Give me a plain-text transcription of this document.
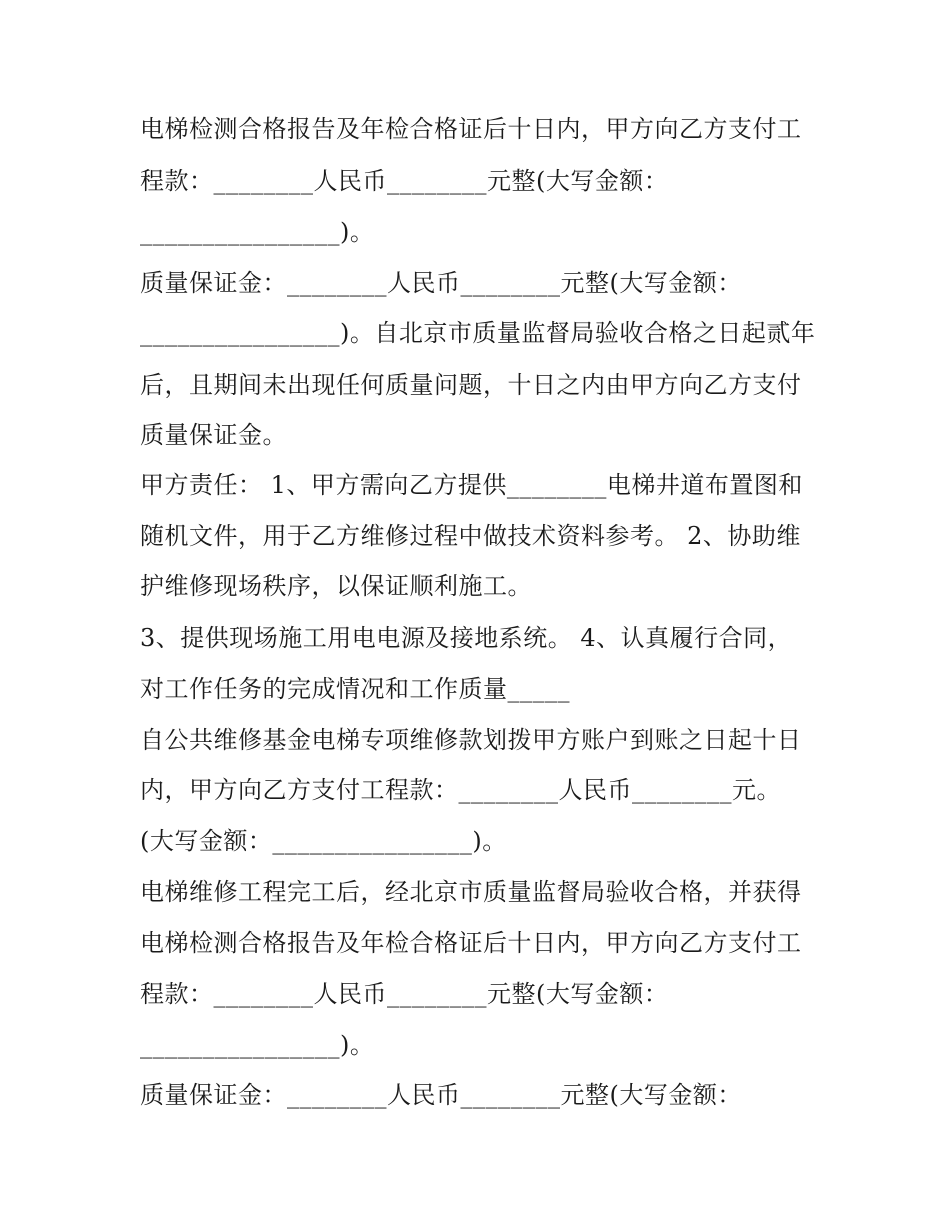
电梯检测合格报告及年检合格证后十日内，甲方向乙方支付工
程款：________人民币________元整(大写金额：
________________)。
质量保证金：________人民币________元整(大写金额：
________________)。自北京市质量监督局验收合格之日起贰年
后，且期间未出现任何质量问题，十日之内由甲方向乙方支付
质量保证金。
甲方责任： 1、甲方需向乙方提供________电梯井道布置图和
随机文件，用于乙方维修过程中做技术资料参考。 2、协助维
护维修现场秩序，以保证顺利施工。
3、提供现场施工用电电源及接地系统。 4、认真履行合同，
对工作任务的完成情况和工作质量_____
自公共维修基金电梯专项维修款划拨甲方账户到账之日起十日
内，甲方向乙方支付工程款：________人民币________元。
(大写金额：________________)。
电梯维修工程完工后，经北京市质量监督局验收合格，并获得
电梯检测合格报告及年检合格证后十日内，甲方向乙方支付工
程款：________人民币________元整(大写金额：
________________)。
质量保证金：________人民币________元整(大写金额：
